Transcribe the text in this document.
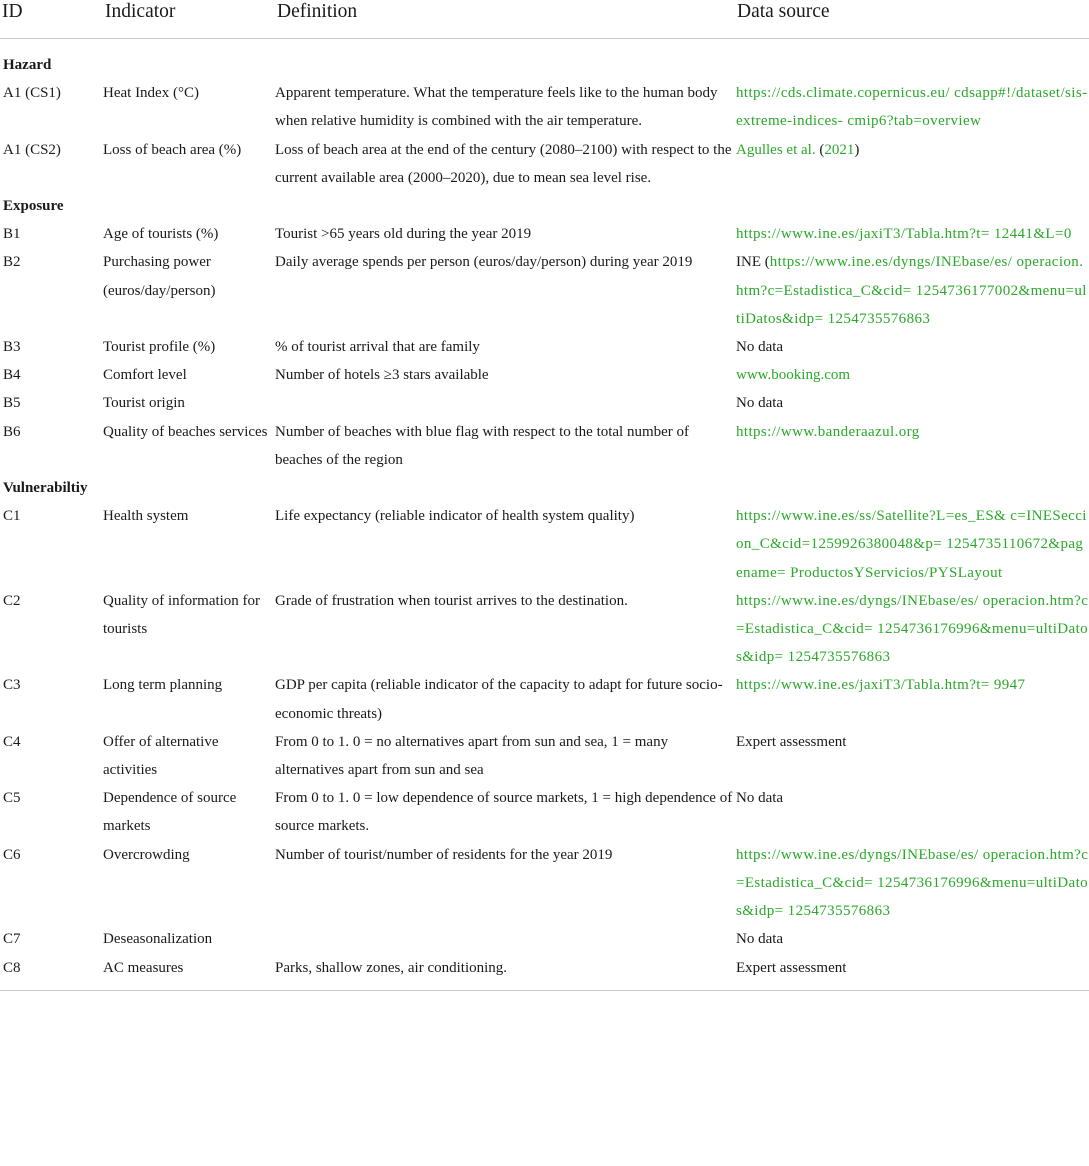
ID	Indicator	Definition	Data source
Hazard			
A1 (CS1)	Heat Index (°C)	Apparent temperature. What the temperature feels like to the human body when relative humidity is combined with the air temperature.	https://cds.climate.copernicus.eu/ cdsapp#!/dataset/sis-extreme-indices- cmip6?tab=overview
A1 (CS2)	Loss of beach area (%)	Loss of beach area at the end of the century (2080–2100) with respect to the current available area (2000–2020), due to mean sea level rise.	Agulles et al. (2021)
Exposure			
B1	Age of tourists (%)	Tourist >65 years old during the year 2019	https://www.ine.es/jaxiT3/Tabla.htm?t= 12441&L=0
B2	Purchasing power (euros/day/person)	Daily average spends per person (euros/day/person) during year 2019	INE (https://www.ine.es/dyngs/INEbase/es/ operacion.htm?c=Estadistica_C&cid= 1254736177002&menu=ultiDatos&idp= 1254735576863
B3	Tourist profile (%)	% of tourist arrival that are family	No data
B4	Comfort level	Number of hotels ≥3 stars available	www.booking.com
B5	Tourist origin		No data
B6	Quality of beaches services	Number of beaches with blue flag with respect to the total number of beaches of the region	https://www.banderaazul.org
Vulnerabiltiy			
C1	Health system	Life expectancy (reliable indicator of health system quality)	https://www.ine.es/ss/Satellite?L=es_ES& c=INESeccion_C&cid=1259926380048&p= 1254735110672&pagename= ProductosYServicios/PYSLayout
C2	Quality of information for tourists	Grade of frustration when tourist arrives to the destination.	https://www.ine.es/dyngs/INEbase/es/ operacion.htm?c=Estadistica_C&cid= 1254736176996&menu=ultiDatos&idp= 1254735576863
C3	Long term planning	GDP per capita (reliable indicator of the capacity to adapt for future socio-economic threats)	https://www.ine.es/jaxiT3/Tabla.htm?t= 9947
C4	Offer of alternative activities	From 0 to 1. 0 = no alternatives apart from sun and sea, 1 = many alternatives apart from sun and sea	Expert assessment
C5	Dependence of source markets	From 0 to 1. 0 = low dependence of source markets, 1 = high dependence of source markets.	No data
C6	Overcrowding	Number of tourist/number of residents for the year 2019	https://www.ine.es/dyngs/INEbase/es/ operacion.htm?c=Estadistica_C&cid= 1254736176996&menu=ultiDatos&idp= 1254735576863
C7	Deseasonalization		No data
C8	AC measures	Parks, shallow zones, air conditioning.	Expert assessment
